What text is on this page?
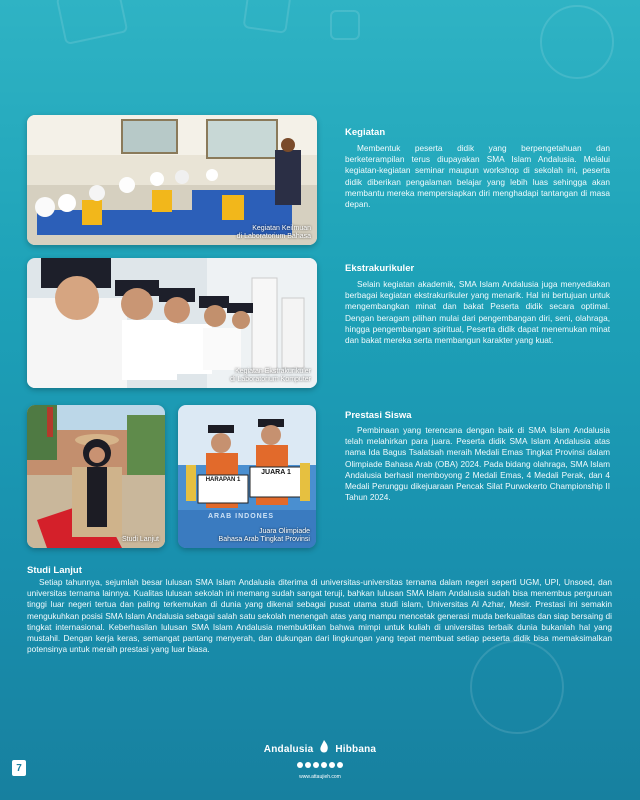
Kegiatan Keilmuan
di Laboratorium Bahasa
Kegiatan Ekstrakurikuler
di Laboratorium Komputer
Studi Lanjut
HARAPAN 1
JUARA 1
ARAB INDONES
Juara Olimpiade
Bahasa Arab Tingkat Provinsi
Kegiatan

Membentuk peserta didik yang berpengetahuan dan berketerampilan terus diupayakan SMA Islam Andalusia. Melalui kegiatan-kegiatan seminar maupun workshop di sekolah ini, peserta didik diberikan pengalaman belajar yang lebih luas sehingga akan membantu mereka mempersiapkan diri menghadapi tantangan di masa depan.

Ekstrakurikuler

Selain kegiatan akademik, SMA Islam Andalusia juga menyediakan berbagai kegiatan ekstrakurikuler yang menarik. Hal ini bertujuan untuk mengembangkan minat dan bakat Peserta didik secara optimal. Dengan beragam pilihan mulai dari pengembangan diri, seni, olahraga, hingga pengembangan spiritual, Peserta didik dapat menemukan minat dan bakat mereka serta membangun karakter yang kuat.

Prestasi Siswa

Pembinaan yang terencana dengan baik di SMA Islam Andalusia telah melahirkan para juara. Peserta didik SMA Islam Andalusia atas nama Ida Bagus Tsalatsah meraih Medali Emas Tingkat Provinsi dalam Olimpiade Bahasa Arab (OBA) 2024. Pada bidang olahraga, SMA Islam Andalusia berhasil memboyong 2 Medali Emas, 4 Medali Perak, dan 4 Medali Perunggu dikejuaraan Pencak Silat Purwokerto Championship II Tahun 2024.

Studi Lanjut

Setiap tahunnya, sejumlah besar lulusan SMA Islam Andalusia diterima di universitas-universitas ternama dalam negeri seperti UGM, UPI, Unsoed, dan universitas ternama lainnya. Kualitas lulusan sekolah ini memang sudah sangat teruji, bahkan lulusan SMA Islam Andalusia sudah bisa menembus perguruan tinggi luar negeri tertua dan paling terkemukan di dunia yang dikenal sebagai pusat utama studi islam, Universitas Al Azhar, Mesir. Prestasi ini semakin mengukuhkan posisi SMA Islam Andalusia sebagai salah satu sekolah menengah atas yang mampu mencetak generasi muda berkualitas dan siap bersaing di tingkat internasional. Keberhasilan lulusan SMA Islam Andalusia membuktikan bahwa mimpi untuk kuliah di universitas terbaik dunia bukanlah hal yang mustahil. Dengan kerja keras, semangat pantang menyerah, dan dukungan dari lingkungan yang tepat membuat setiap peserta didik bisa memaksimalkan potensinya untuk meraih prestasi yang luar biasa.

Andalusia Hibbana
www.attaujieh.com
7
